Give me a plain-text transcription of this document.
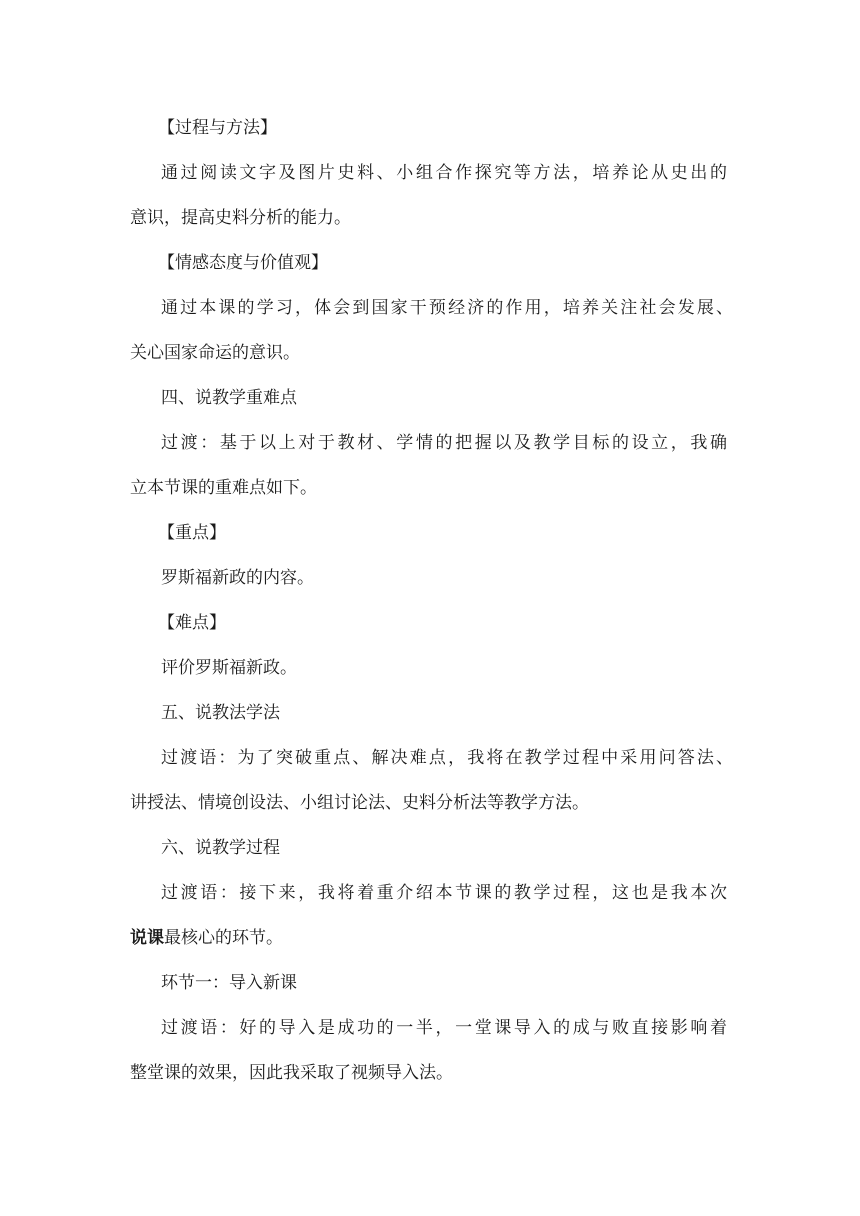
【过程与方法】
通过阅读文字及图片史料、小组合作探究等方法，培养论从史出的
意识，提高史料分析的能力。
【情感态度与价值观】
通过本课的学习，体会到国家干预经济的作用，培养关注社会发展、
关心国家命运的意识。
四、说教学重难点
过渡：基于以上对于教材、学情的把握以及教学目标的设立，我确
立本节课的重难点如下。
【重点】
罗斯福新政的内容。
【难点】
评价罗斯福新政。
五、说教法学法
过渡语：为了突破重点、解决难点，我将在教学过程中采用问答法、
讲授法、情境创设法、小组讨论法、史料分析法等教学方法。
六、说教学过程
过渡语：接下来，我将着重介绍本节课的教学过程，这也是我本次
说课最核心的环节。
环节一：导入新课
过渡语：好的导入是成功的一半，一堂课导入的成与败直接影响着
整堂课的效果，因此我采取了视频导入法。
